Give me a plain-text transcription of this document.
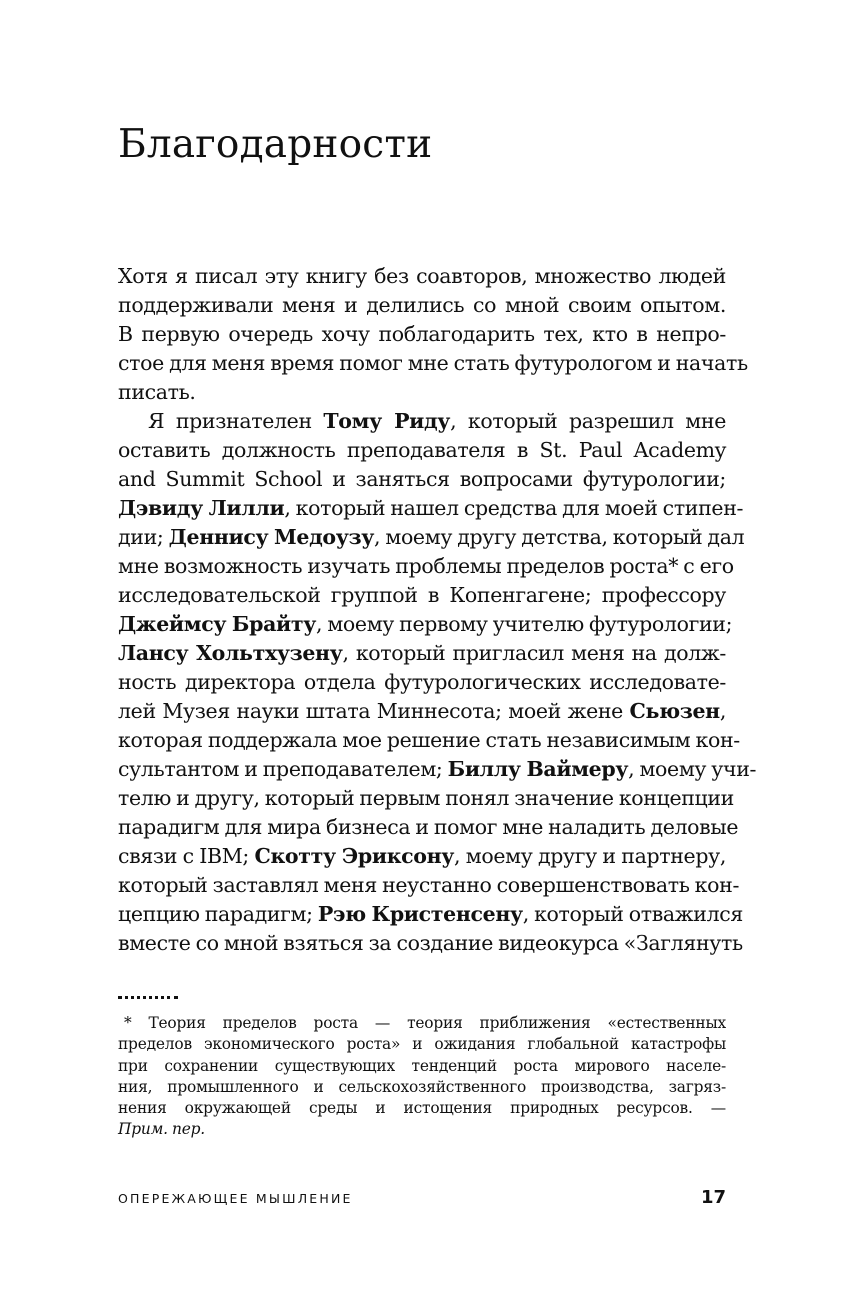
Благодарности
Хотя я писал эту книгу без соавторов, множество людей
поддерживали меня и делились со мной своим опытом.
В первую очередь хочу поблагодарить тех, кто в непро-
стое для меня время помог мне стать футурологом и начать
писать.
Я признателен Тому Риду, который разрешил мне
оставить должность преподавателя в St. Paul Academy
and Summit School и заняться вопросами футурологии;
Дэвиду Лилли, который нашел средства для моей стипен-
дии; Деннису Медоузу, моему другу детства, который дал
мне возможность изучать проблемы пределов роста* с его
исследовательской группой в Копенгагене; профессору
Джеймсу Брайту, моему первому учителю футурологии;
Лансу Хольтхузену, который пригласил меня на долж-
ность директора отдела футурологических исследовате-
лей Музея науки штата Миннесота; моей жене Сьюзен,
которая поддержала мое решение стать независимым кон-
сультантом и преподавателем; Биллу Ваймеру, моему учи-
телю и другу, который первым понял значение концепции
парадигм для мира бизнеса и помог мне наладить деловые
связи с IBM; Скотту Эриксону, моему другу и партнеру,
который заставлял меня неустанно совершенствовать кон-
цепцию парадигм; Рэю Кристенсену, который отважился
вместе со мной взяться за создание видеокурса «Заглянуть
* Теория пределов роста — теория приближения «естественных
пределов экономического роста» и ожидания глобальной катастрофы
при сохранении существующих тенденций роста мирового населе-
ния, промышленного и сельскохозяйственного производства, загряз-
нения окружающей среды и истощения природных ресурсов. —
Прим. пер.
ОПЕРЕЖАЮЩЕЕ МЫШЛЕНИЕ	17
